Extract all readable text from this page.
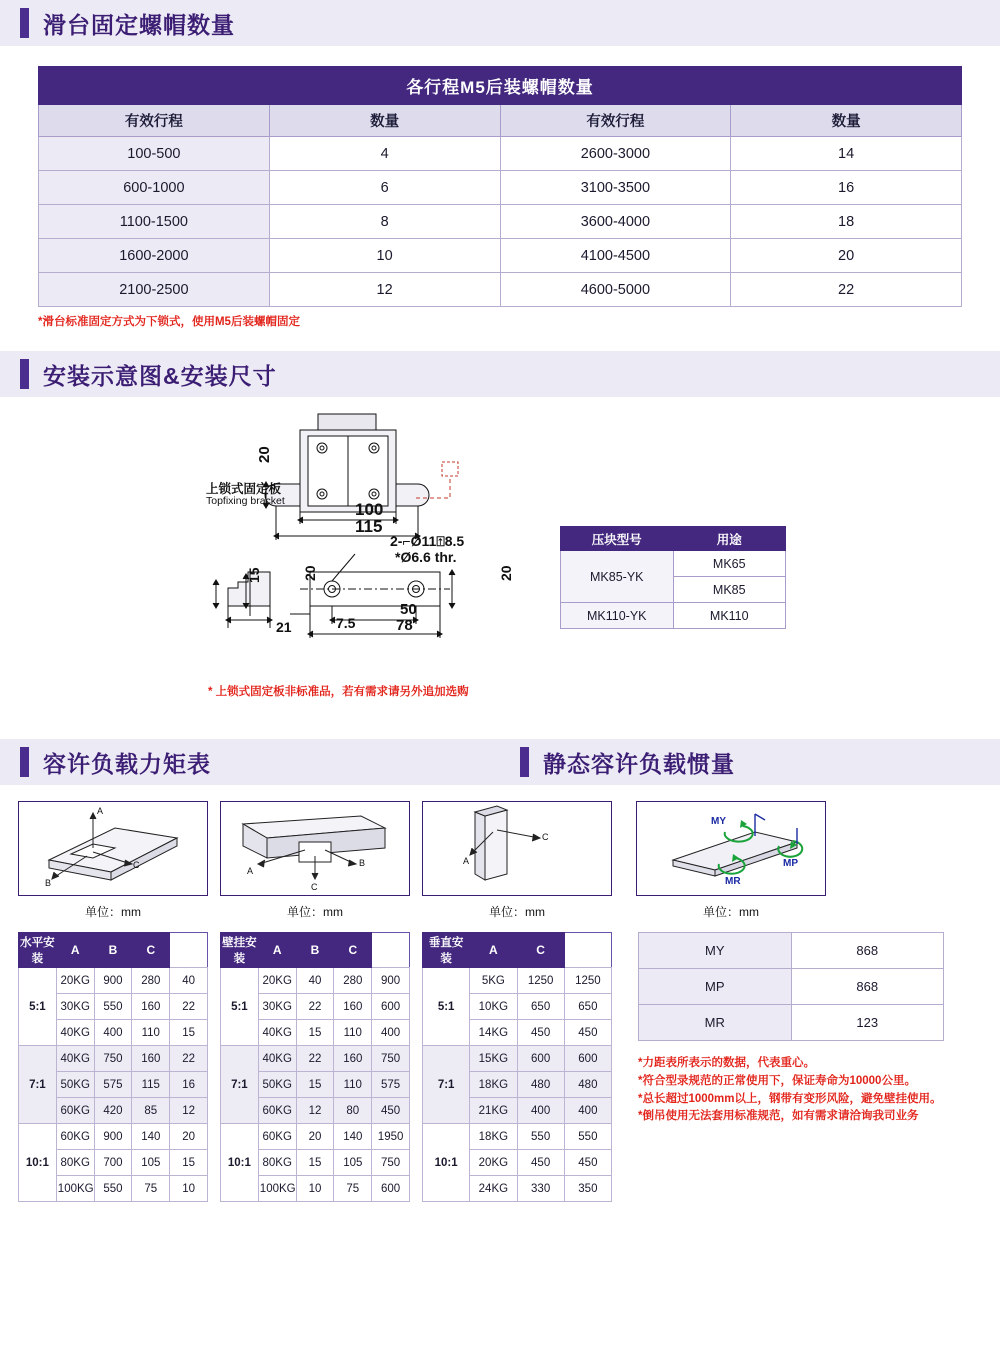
滑台固定螺帽数量
各行程M5后装螺帽数量			
有效行程	数量	有效行程	数量
100-500	4	2600-3000	14
600-1000	6	3100-3500	16
1100-1500	8	3600-4000	18
1600-2000	10	4100-4500	20
2100-2500	12	4600-5000	22
*滑台标准固定方式为下锁式，使用M5后装螺帽固定
安装示意图&安装尺寸
上锁式固定板
Topfixing bracket
20
100
115
2-⌐Ø11⍐8.5
*Ø6.6 thr.
15	20	20
21	7.5
50
78
* 上锁式固定板非标准品，若有需求请另外追加选购
压块型号	用途
MK85-YK	MK65
	MK85
MK110-YK	MK110
容许负载力矩表	静态容许负载惯量
A
C
B
单位：mm
A
B
C
单位：mm
A
C
单位：mm
MY
MP
MR
单位：mm
水平安装	A	B	C	
5:1	20KG	900	280	40
	30KG	550	160	22
	40KG	400	110	15
7:1	40KG	750	160	22
	50KG	575	115	16
	60KG	420	85	12
10:1	60KG	900	140	20
	80KG	700	105	15
	100KG	550	75	10
壁挂安装	A	B	C	
5:1	20KG	40	280	900
	30KG	22	160	600
	40KG	15	110	400
7:1	40KG	22	160	750
	50KG	15	110	575
	60KG	12	80	450
10:1	60KG	20	140	1950
	80KG	15	105	750
	100KG	10	75	600
垂直安装	A	C	
5:1	5KG	1250	1250
	10KG	650	650
	14KG	450	450
7:1	15KG	600	600
	18KG	480	480
	21KG	400	400
10:1	18KG	550	550
	20KG	450	450
	24KG	330	350
MY	868
MP	868
MR	123
*力距表所表示的数据，代表重心。
*符合型录规范的正常使用下，保证寿命为10000公里。
*总长超过1000mm以上，钢带有变形风险，避免壁挂使用。
*倒吊使用无法套用标准规范，如有需求请洽询我司业务
